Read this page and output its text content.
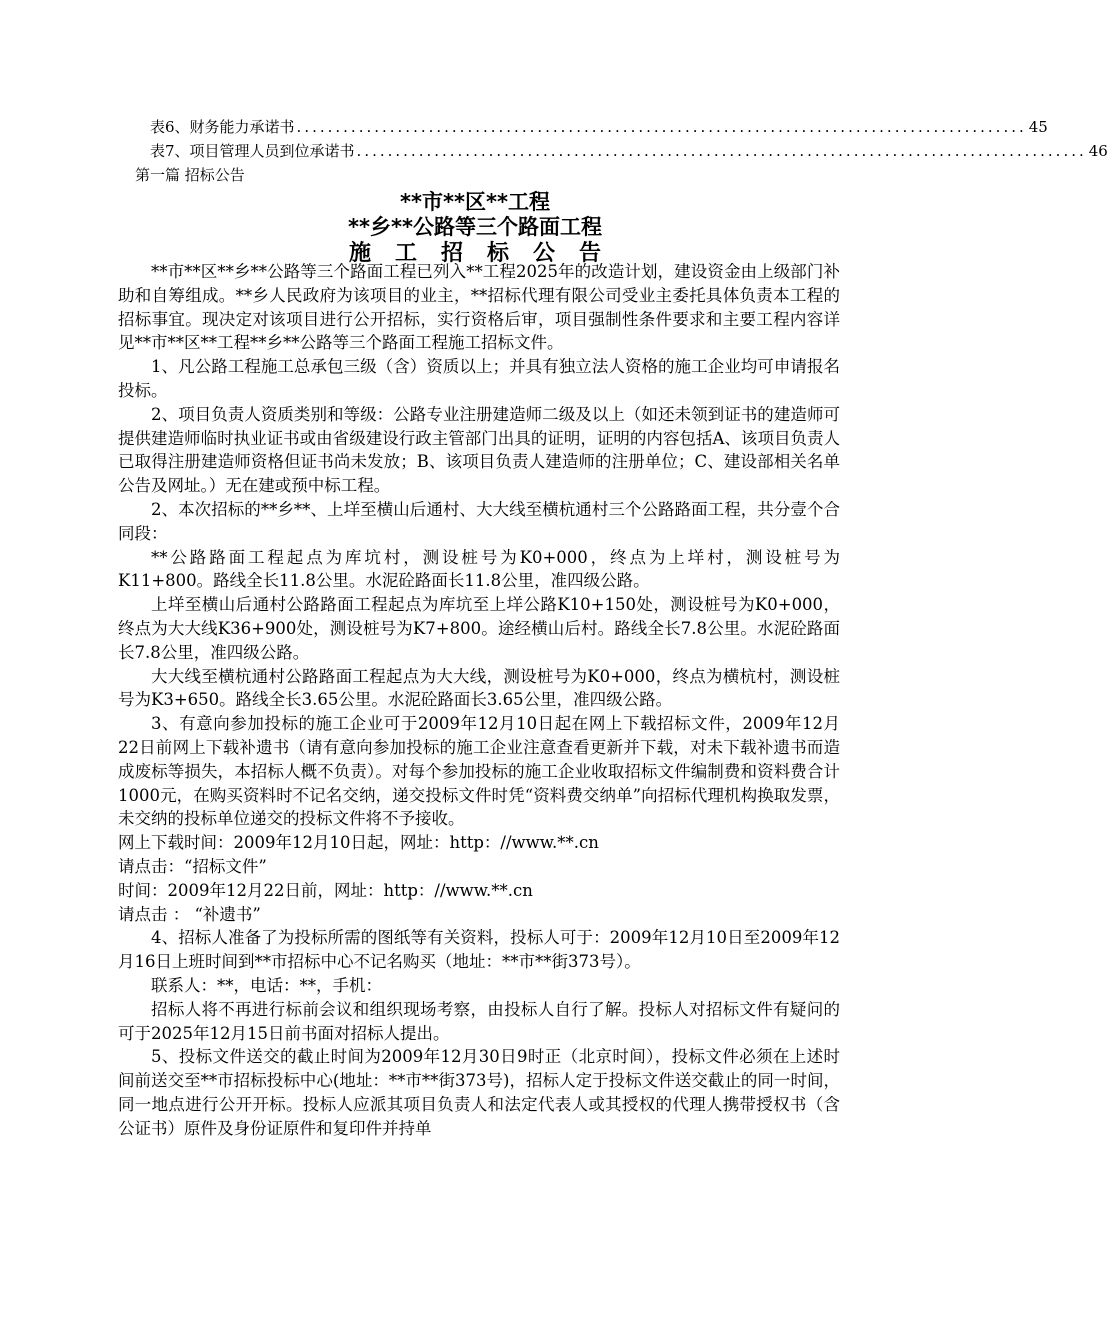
表6、财务能力承诺书 .............................................................................................. 45
表7、项目管理人员到位承诺书 .............................................................................................. 46
第一篇 招标公告
**市**区**工程
**乡**公路等三个路面工程
施工招标公告

**市**区**乡**公路等三个路面工程已列入**工程2025年的改造计划，建设资金由上级部门补助和自筹组成。**乡人民政府为该项目的业主，**招标代理有限公司受业主委托具体负责本工程的招标事宜。现决定对该项目进行公开招标，实行资格后审，项目强制性条件要求和主要工程内容详见**市**区**工程**乡**公路等三个路面工程施工招标文件。

1、凡公路工程施工总承包三级（含）资质以上；并具有独立法人资格的施工企业均可申请报名投标。

2、项目负责人资质类别和等级：公路专业注册建造师二级及以上（如还未领到证书的建造师可提供建造师临时执业证书或由省级建设行政主管部门出具的证明，证明的内容包括A、该项目负责人已取得注册建造师资格但证书尚未发放；B、该项目负责人建造师的注册单位；C、建设部相关名单公告及网址。）无在建或预中标工程。

2、本次招标的**乡**、上垟至横山后通村、大大线至横杭通村三个公路路面工程，共分壹个合同段：

**公路路面工程起点为库坑村，测设桩号为K0+000，终点为上垟村，测设桩号为K11+800。路线全长11.8公里。水泥砼路面长11.8公里，准四级公路。

上垟至横山后通村公路路面工程起点为库坑至上垟公路K10+150处，测设桩号为K0+000，终点为大大线K36+900处，测设桩号为K7+800。途经横山后村。路线全长7.8公里。水泥砼路面长7.8公里，准四级公路。

大大线至横杭通村公路路面工程起点为大大线，测设桩号为K0+000，终点为横杭村，测设桩号为K3+650。路线全长3.65公里。水泥砼路面长3.65公里，准四级公路。

3、有意向参加投标的施工企业可于2009年12月10日起在网上下载招标文件，2009年12月22日前网上下载补遗书（请有意向参加投标的施工企业注意查看更新并下载，对未下载补遗书而造成废标等损失，本招标人概不负责）。对每个参加投标的施工企业收取招标文件编制费和资料费合计1000元，在购买资料时不记名交纳，递交投标文件时凭“资料费交纳单”向招标代理机构换取发票，未交纳的投标单位递交的投标文件将不予接收。

网上下载时间：2009年12月10日起，网址：http：//www.**.cn

请点击：“招标文件”

时间：2009年12月22日前，网址：http：//www.**.cn

请点击 ： “补遗书”

4、招标人准备了为投标所需的图纸等有关资料，投标人可于：2009年12月10日至2009年12月16日上班时间到**市招标中心不记名购买（地址：**市**街373号）。

联系人：**，电话：**，手机：

招标人将不再进行标前会议和组织现场考察，由投标人自行了解。投标人对招标文件有疑问的可于2025年12月15日前书面对招标人提出。

5、投标文件送交的截止时间为2009年12月30日9时正（北京时间），投标文件必须在上述时间前送交至**市招标投标中心(地址：**市**街373号)，招标人定于投标文件送交截止的同一时间，同一地点进行公开开标。投标人应派其项目负责人和法定代表人或其授权的代理人携带授权书（含公证书）原件及身份证原件和复印件并持单
